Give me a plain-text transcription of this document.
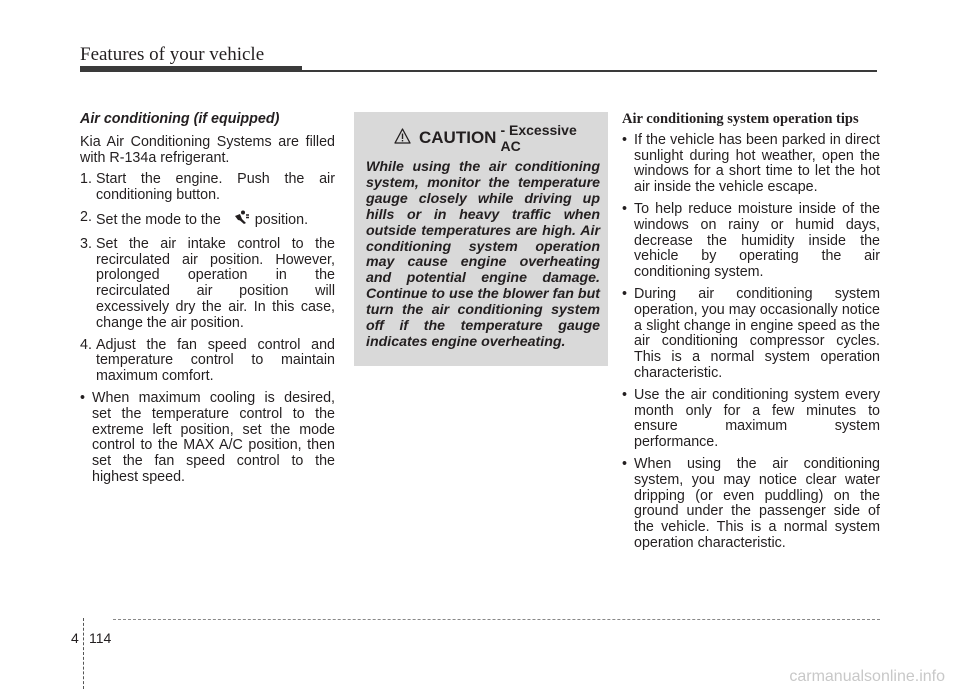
Features of your vehicle

Air conditioning (if equipped)

Kia Air Conditioning Systems are filled with R-134a refrigerant.

1. Start the engine. Push the air conditioning button.

2. Set the mode to the position.

3. Set the air intake control to the recirculated air position. However, prolonged operation in the recirculated air position will excessively dry the air. In this case, change the air position.

4. Adjust the fan speed control and temperature control to maintain maximum comfort.

• When maximum cooling is desired, set the temperature control to the extreme left position, set the mode control to the MAX A/C position, then set the fan speed control to the highest speed.

CAUTION - Excessive AC

While using the air conditioning system, monitor the temperature gauge closely while driving up hills or in heavy traffic when outside temperatures are high. Air conditioning system operation may cause engine overheating and potential engine damage. Continue to use the blower fan but turn the air conditioning system off if the temperature gauge indicates engine overheating.

Air conditioning system operation tips

• If the vehicle has been parked in direct sunlight during hot weather, open the windows for a short time to let the hot air inside the vehicle escape.

• To help reduce moisture inside of the windows on rainy or humid days, decrease the humidity inside the vehicle by operating the air conditioning system.

• During air conditioning system operation, you may occasionally notice a slight change in engine speed as the air conditioning compressor cycles. This is a normal system operation characteristic.

• Use the air conditioning system every month only for a few minutes to ensure maximum system performance.

• When using the air conditioning system, you may notice clear water dripping (or even puddling) on the ground under the passenger side of the vehicle. This is a normal system operation characteristic.

4 114
carmanualsonline.info
